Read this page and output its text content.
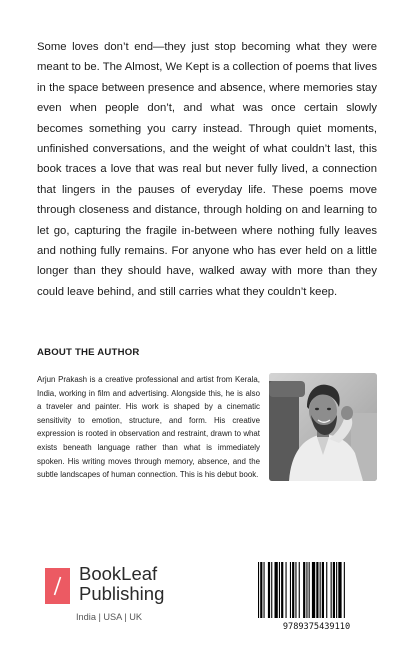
Some loves don’t end—they just stop becoming what they were meant to be. The Almost, We Kept is a collection of poems that lives in the space between presence and absence, where memories stay even when people don’t, and what was once certain slowly becomes something you carry instead. Through quiet moments, unfinished conversations, and the weight of what couldn’t last, this book traces a love that was real but never fully lived, a connection that lingers in the pauses of everyday life. These poems move through closeness and distance, through holding on and learning to let go, capturing the fragile in-between where nothing fully leaves and nothing fully remains. For anyone who has ever held on a little longer than they should have, walked away with more than they could leave behind, and still carries what they couldn’t keep.

ABOUT THE AUTHOR

Arjun Prakash is a creative professional and artist from Kerala, India, working in film and advertising. Alongside this, he is also a traveler and painter. His work is shaped by a cinematic sensitivity to emotion, structure, and form. His creative expression is rooted in observation and restraint, drawn to what exists beneath language rather than what is immediately spoken. His writing moves through memory, absence, and the subtle landscapes of human connection. This is his debut book.

BookLeaf
Publishing
India | USA | UK
9789375439110
